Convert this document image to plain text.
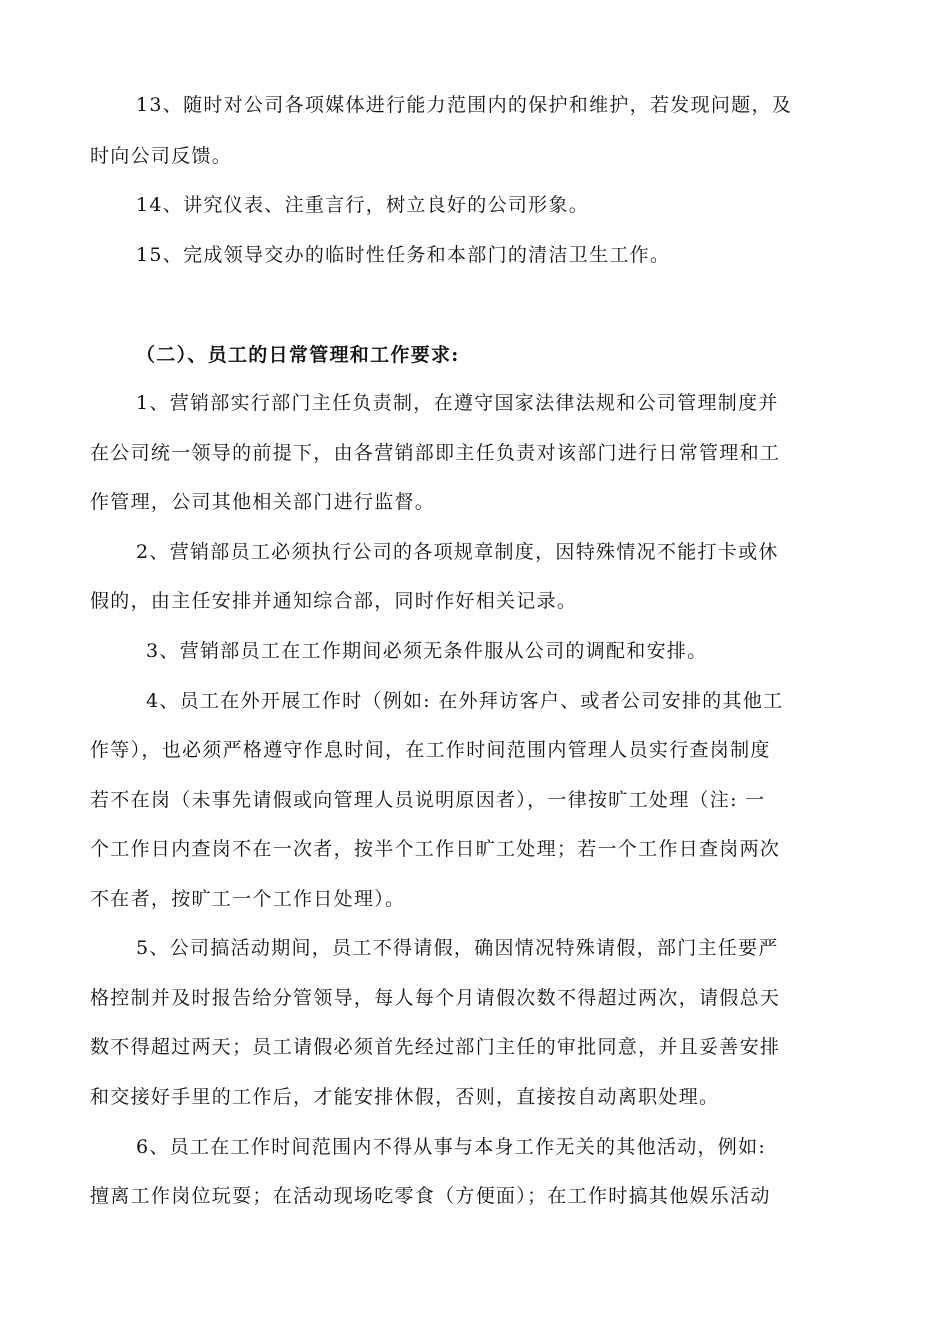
13、随时对公司各项媒体进行能力范围内的保护和维护，若发现问题，及
时向公司反馈。
14、讲究仪表、注重言行，树立良好的公司形象。
15、完成领导交办的临时性任务和本部门的清洁卫生工作。
（二）、员工的日常管理和工作要求:
1、营销部实行部门主任负责制，在遵守国家法律法规和公司管理制度并
在公司统一领导的前提下，由各营销部即主任负责对该部门进行日常管理和工
作管理，公司其他相关部门进行监督。
2、营销部员工必须执行公司的各项规章制度，因特殊情况不能打卡或休
假的，由主任安排并通知综合部，同时作好相关记录。
3、营销部员工在工作期间必须无条件服从公司的调配和安排。
4、员工在外开展工作时（例如: 在外拜访客户、或者公司安排的其他工
作等），也必须严格遵守作息时间，在工作时间范围内管理人员实行查岗制度
若不在岗（未事先请假或向管理人员说明原因者），一律按旷工处理（注: 一
个工作日内查岗不在一次者，按半个工作日旷工处理；若一个工作日查岗两次
不在者，按旷工一个工作日处理）。
5、公司搞活动期间，员工不得请假，确因情况特殊请假，部门主任要严
格控制并及时报告给分管领导，每人每个月请假次数不得超过两次，请假总天
数不得超过两天；员工请假必须首先经过部门主任的审批同意，并且妥善安排
和交接好手里的工作后，才能安排休假，否则，直接按自动离职处理。
6、员工在工作时间范围内不得从事与本身工作无关的其他活动，例如:
擅离工作岗位玩耍；在活动现场吃零食（方便面）；在工作时搞其他娱乐活动
